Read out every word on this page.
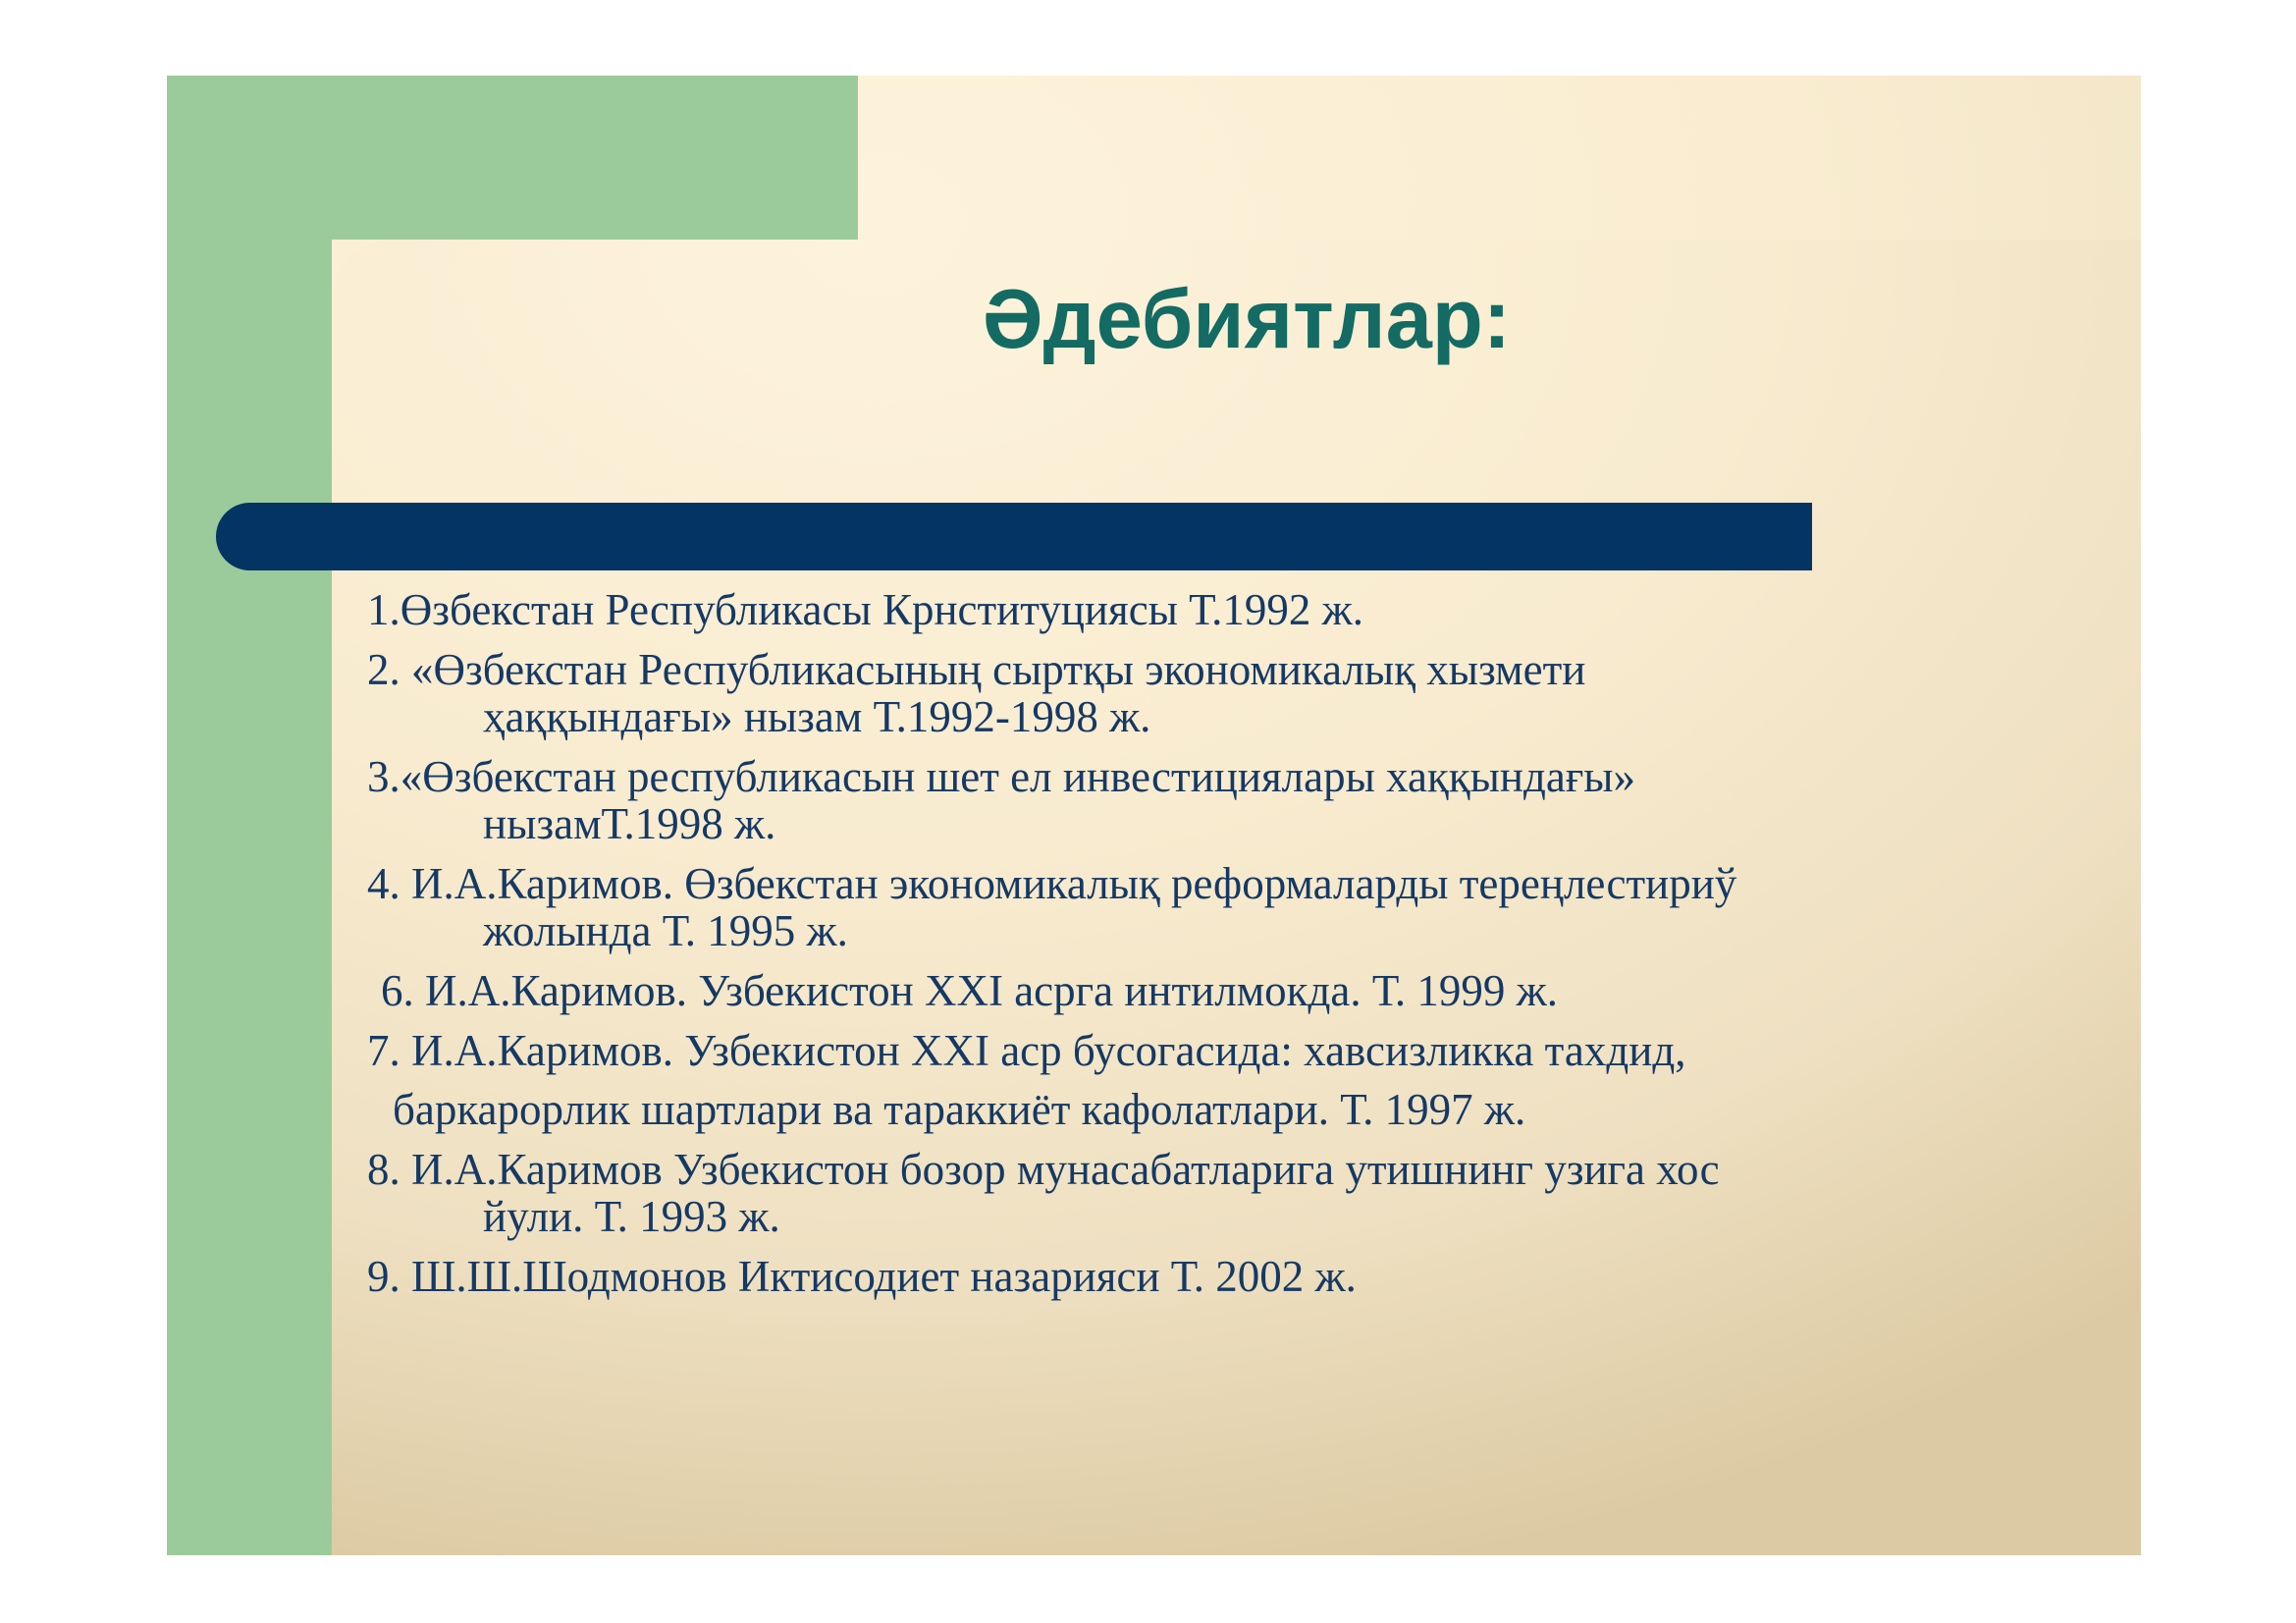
Әдебиятлар:
1.Өзбекстан Республикасы Крнституциясы Т.1992 ж.
2. «Өзбекстан Республикасының сыртқы экономикалық хызмети
ҳаққындағы» нызам Т.1992-1998 ж.
3.«Өзбекстан республикасын шет ел инвестициялары хаққындағы»
нызамТ.1998 ж.
4. И.А.Каримов. Өзбекстан экономикалық реформаларды тереңлестириў
жолында Т. 1995 ж.
6. И.А.Каримов. Узбекистон XXI асрга интилмокда. Т. 1999 ж.
7. И.А.Каримов. Узбекистон XXI аср бусогасида: хавсизликка тахдид,
баркарорлик шартлари ва тараккиёт кафолатлари. Т. 1997 ж.
8. И.А.Каримов Узбекистон бозор мунасабатларига утишнинг узига хос
йули. Т. 1993 ж.
9. Ш.Ш.Шодмонов Иктисодиет назарияси Т. 2002 ж.
